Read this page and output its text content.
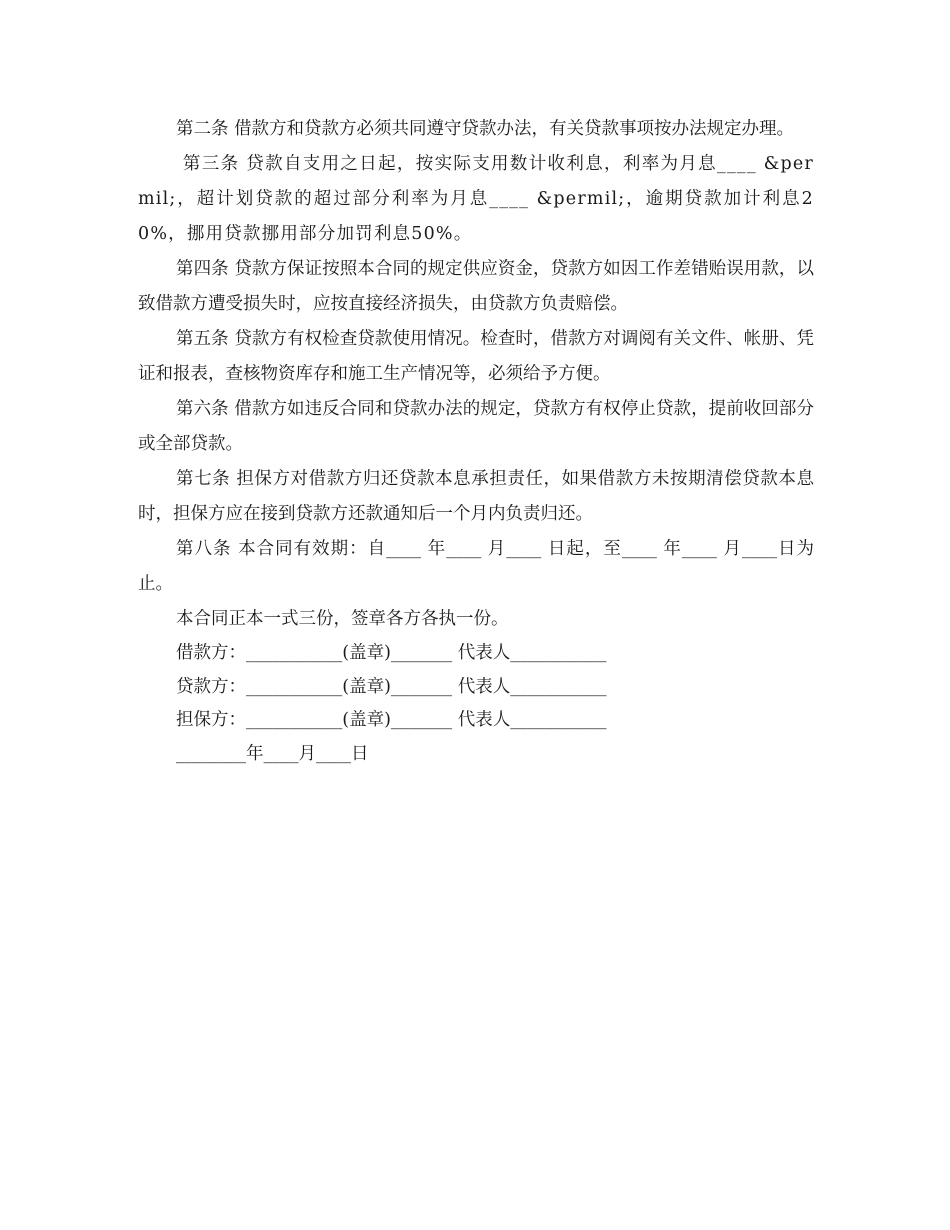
第二条 借款方和贷款方必须共同遵守贷款办法，有关贷款事项按办法规定办理。

第三条 贷款自支用之日起，按实际支用数计收利息，利率为月息____ &permil;，超计划贷款的超过部分利率为月息____ &permil;，逾期贷款加计利息20%，挪用贷款挪用部分加罚利息50%。

第四条 贷款方保证按照本合同的规定供应资金，贷款方如因工作差错贻误用款，以致借款方遭受损失时，应按直接经济损失，由贷款方负责赔偿。

第五条 贷款方有权检查贷款使用情况。检查时，借款方对调阅有关文件、帐册、凭证和报表，查核物资库存和施工生产情况等，必须给予方便。

第六条 借款方如违反合同和贷款办法的规定，贷款方有权停止贷款，提前收回部分或全部贷款。

第七条 担保方对借款方归还贷款本息承担责任，如果借款方未按期清偿贷款本息时，担保方应在接到贷款方还款通知后一个月内负责归还。

第八条 本合同有效期：自____ 年____ 月____ 日起，至____ 年____ 月____日为止。

本合同正本一式三份，签章各方各执一份。

借款方：___________(盖章)_______ 代表人___________

贷款方：___________(盖章)_______ 代表人___________

担保方：___________(盖章)_______ 代表人___________

________年____月____日
